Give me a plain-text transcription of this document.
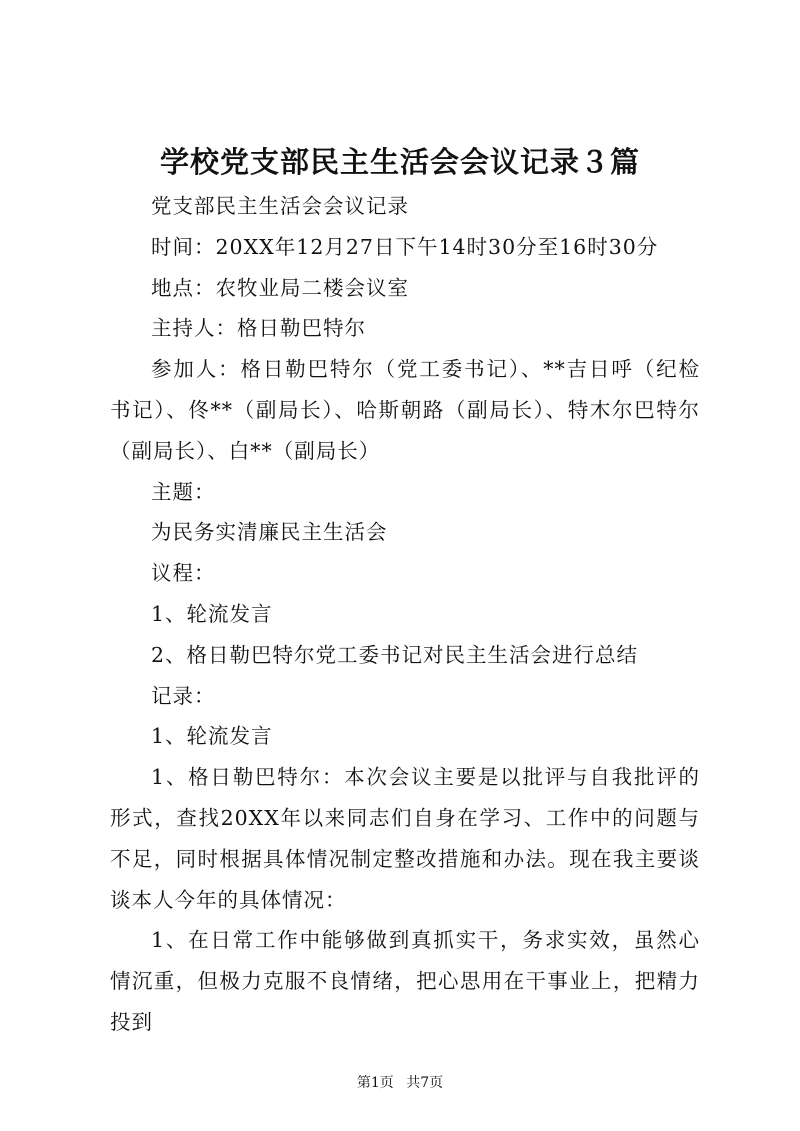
学校党支部民主生活会会议记录３篇

党支部民主生活会会议记录

时间：20XX年12月27日下午14时30分至16时30分

地点：农牧业局二楼会议室

主持人：格日勒巴特尔

参加人：格日勒巴特尔（党工委书记）、**吉日呼（纪检书记）、佟**（副局长）、哈斯朝路（副局长）、特木尔巴特尔（副局长）、白**（副局长）

主题：

为民务实清廉民主生活会

议程：

1、轮流发言

2、格日勒巴特尔党工委书记对民主生活会进行总结

记录：

1、轮流发言

1、格日勒巴特尔：本次会议主要是以批评与自我批评的形式，查找20XX年以来同志们自身在学习、工作中的问题与不足，同时根据具体情况制定整改措施和办法。现在我主要谈谈本人今年的具体情况：

1、在日常工作中能够做到真抓实干，务求实效，虽然心情沉重，但极力克服不良情绪，把心思用在干事业上，把精力投到

第1页 共7页
